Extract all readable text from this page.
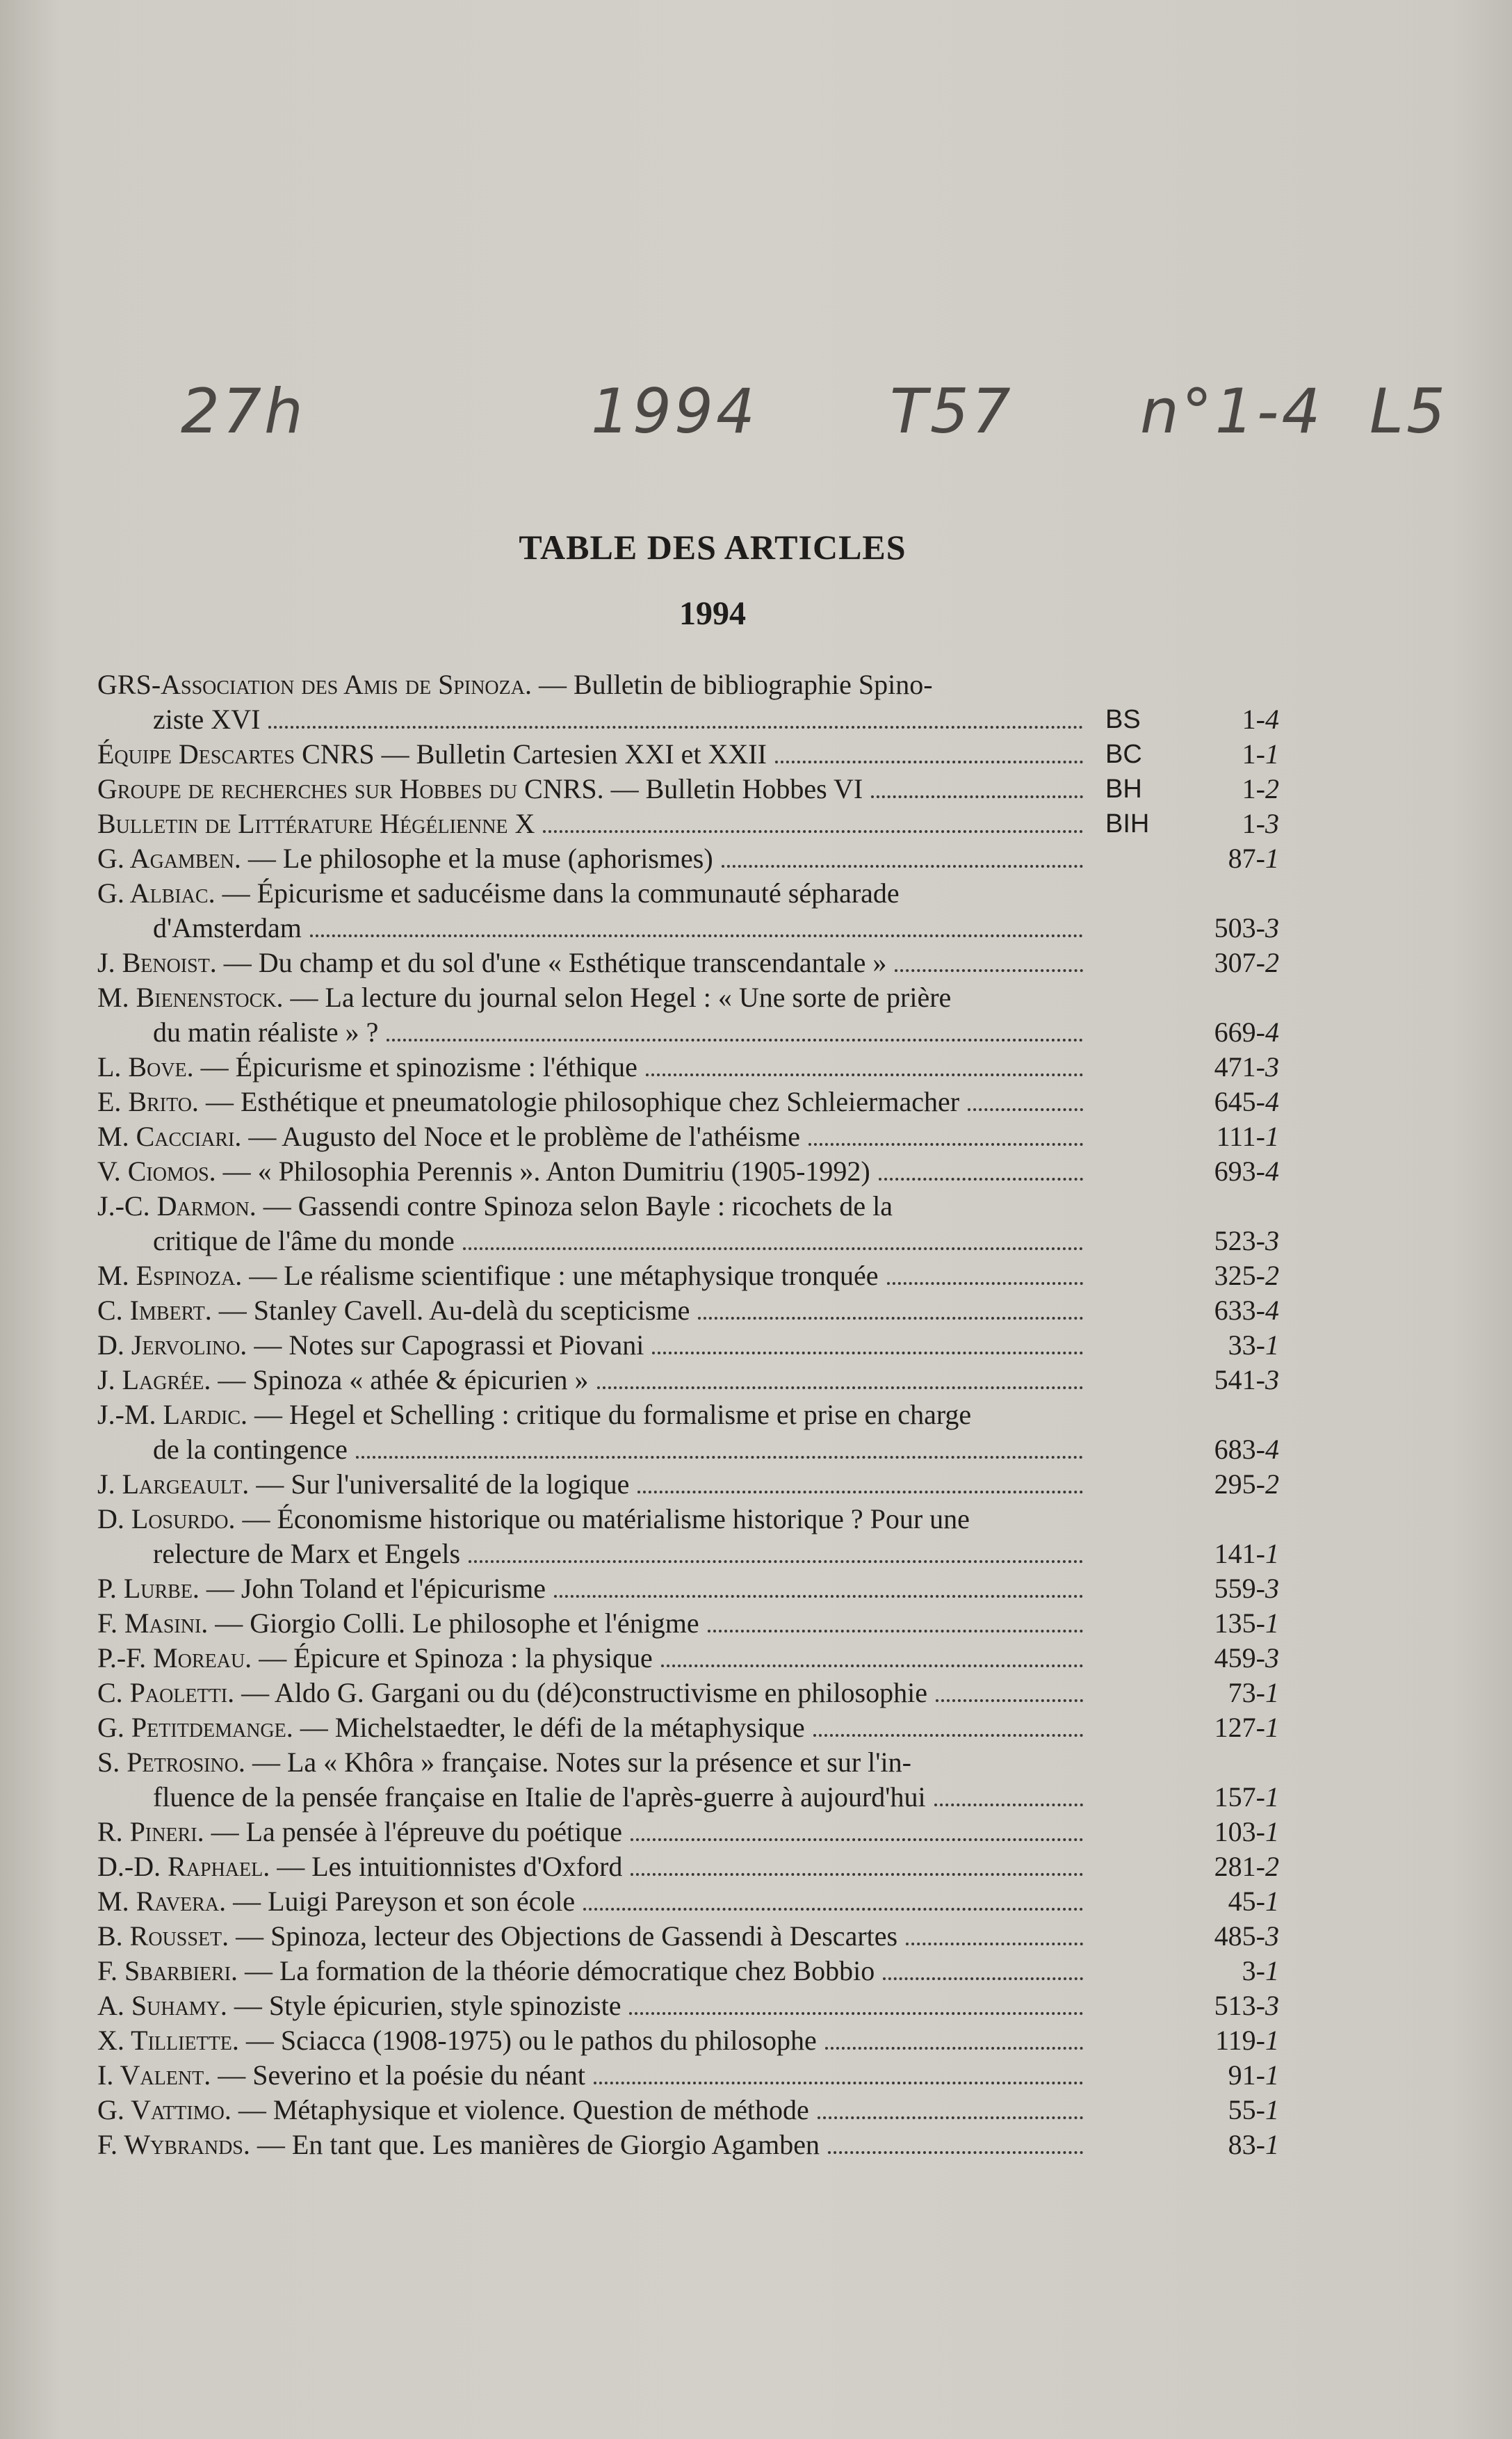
27h	1994 T57 n°1-4 L5
TABLE DES ARTICLES
1994
GRS-Association des Amis de Spinoza. — Bulletin de bibliographie Spino-
ziste XVI	BS	1-4
Équipe Descartes CNRS — Bulletin Cartesien XXI et XXII	BC	1-1
Groupe de recherches sur Hobbes du CNRS. — Bulletin Hobbes VI	BH	1-2
Bulletin de Littérature Hégélienne X	BIH	1-3
G. Agamben. — Le philosophe et la muse (aphorismes)	87-1
G. Albiac. — Épicurisme et saducéisme dans la communauté sépharade
d'Amsterdam	503-3
J. Benoist. — Du champ et du sol d'une « Esthétique transcendantale »	307-2
M. Bienenstock. — La lecture du journal selon Hegel : « Une sorte de prière
du matin réaliste » ?	669-4
L. Bove. — Épicurisme et spinozisme : l'éthique	471-3
E. Brito. — Esthétique et pneumatologie philosophique chez Schleiermacher	645-4
M. Cacciari. — Augusto del Noce et le problème de l'athéisme	111-1
V. Ciomos. — « Philosophia Perennis ». Anton Dumitriu (1905-1992)	693-4
J.-C. Darmon. — Gassendi contre Spinoza selon Bayle : ricochets de la
critique de l'âme du monde	523-3
M. Espinoza. — Le réalisme scientifique : une métaphysique tronquée	325-2
C. Imbert. — Stanley Cavell. Au-delà du scepticisme	633-4
D. Jervolino. — Notes sur Capograssi et Piovani	33-1
J. Lagrée. — Spinoza « athée & épicurien »	541-3
J.-M. Lardic. — Hegel et Schelling : critique du formalisme et prise en charge
de la contingence	683-4
J. Largeault. — Sur l'universalité de la logique	295-2
D. Losurdo. — Économisme historique ou matérialisme historique ? Pour une
relecture de Marx et Engels	141-1
P. Lurbe. — John Toland et l'épicurisme	559-3
F. Masini. — Giorgio Colli. Le philosophe et l'énigme	135-1
P.-F. Moreau. — Épicure et Spinoza : la physique	459-3
C. Paoletti. — Aldo G. Gargani ou du (dé)constructivisme en philosophie	73-1
G. Petitdemange. — Michelstaedter, le défi de la métaphysique	127-1
S. Petrosino. — La « Khôra » française. Notes sur la présence et sur l'in-
fluence de la pensée française en Italie de l'après-guerre à aujourd'hui	157-1
R. Pineri. — La pensée à l'épreuve du poétique	103-1
D.-D. Raphael. — Les intuitionnistes d'Oxford	281-2
M. Ravera. — Luigi Pareyson et son école	45-1
B. Rousset. — Spinoza, lecteur des Objections de Gassendi à Descartes	485-3
F. Sbarbieri. — La formation de la théorie démocratique chez Bobbio	3-1
A. Suhamy. — Style épicurien, style spinoziste	513-3
X. Tilliette. — Sciacca (1908-1975) ou le pathos du philosophe	119-1
I. Valent. — Severino et la poésie du néant	91-1
G. Vattimo. — Métaphysique et violence. Question de méthode	55-1
F. Wybrands. — En tant que. Les manières de Giorgio Agamben	83-1
